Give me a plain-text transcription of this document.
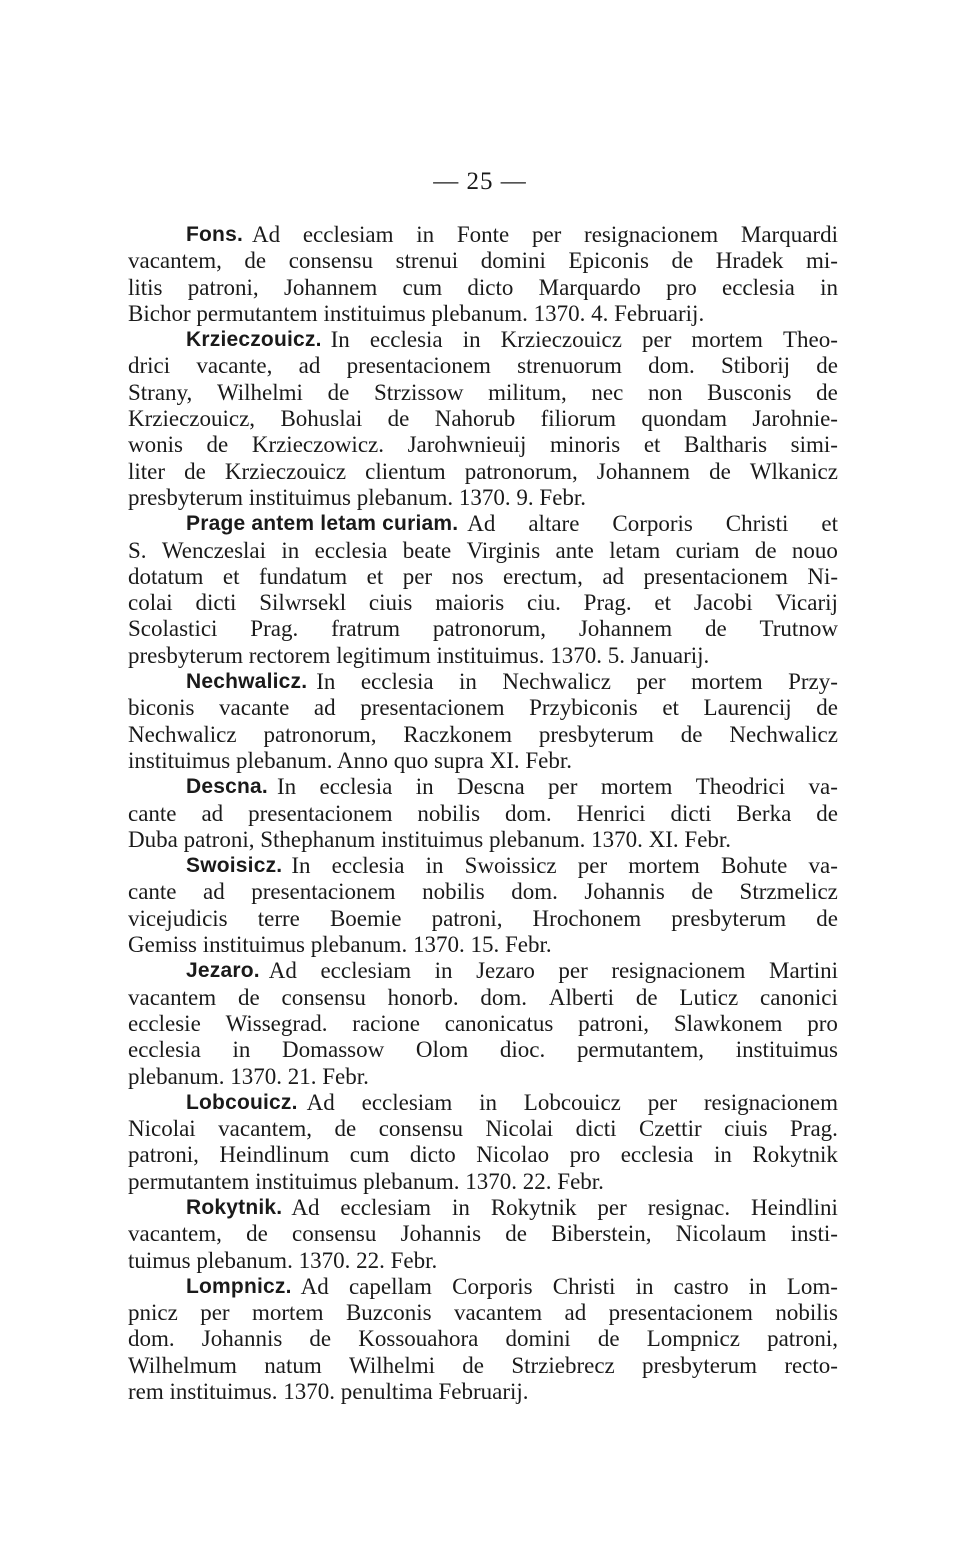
— 25 —
Fons. Ad ecclesiam in Fonte per resignacionem Marquardi
vacantem, de consensu strenui domini Epiconis de Hradek mi-
litis patroni, Johannem cum dicto Marquardo pro ecclesia in
Bichor permutantem instituimus plebanum. 1370. 4. Februarij.
Krzieczouicz. In ecclesia in Krzieczouicz per mortem Theo-
drici vacante, ad presentacionem strenuorum dom. Stiborij de
Strany, Wilhelmi de Strzissow militum, nec non Busconis de
Krzieczouicz, Bohuslai de Nahorub filiorum quondam Jarohnie-
wonis de Krzieczowicz. Jarohwnieuij minoris et Baltharis simi-
liter de Krzieczouicz clientum patronorum, Johannem de Wlkanicz
presbyterum instituimus plebanum. 1370. 9. Febr.
Prage antem letam curiam. Ad altare Corporis Christi et
S. Wenczeslai in ecclesia beate Virginis ante letam curiam de nouo
dotatum et fundatum et per nos erectum, ad presentacionem Ni-
colai dicti Silwrsekl ciuis maioris ciu. Prag. et Jacobi Vicarij
Scolastici Prag. fratrum patronorum, Johannem de Trutnow
presbyterum rectorem legitimum instituimus. 1370. 5. Januarij.
Nechwalicz. In ecclesia in Nechwalicz per mortem Przy-
biconis vacante ad presentacionem Przybiconis et Laurencij de
Nechwalicz patronorum, Raczkonem presbyterum de Nechwalicz
instituimus plebanum. Anno quo supra XI. Febr.
Descna. In ecclesia in Descna per mortem Theodrici va-
cante ad presentacionem nobilis dom. Henrici dicti Berka de
Duba patroni, Sthephanum instituimus plebanum. 1370. XI. Febr.
Swoisicz. In ecclesia in Swoissicz per mortem Bohute va-
cante ad presentacionem nobilis dom. Johannis de Strzmelicz
vicejudicis terre Boemie patroni, Hrochonem presbyterum de
Gemiss instituimus plebanum. 1370. 15. Febr.
Jezaro. Ad ecclesiam in Jezaro per resignacionem Martini
vacantem de consensu honorb. dom. Alberti de Luticz canonici
ecclesie Wissegrad. racione canonicatus patroni, Slawkonem pro
ecclesia in Domassow Olom dioc. permutantem, instituimus
plebanum. 1370. 21. Febr.
Lobcouicz. Ad ecclesiam in Lobcouicz per resignacionem
Nicolai vacantem, de consensu Nicolai dicti Czettir ciuis Prag.
patroni, Heindlinum cum dicto Nicolao pro ecclesia in Rokytnik
permutantem instituimus plebanum. 1370. 22. Febr.
Rokytnik. Ad ecclesiam in Rokytnik per resignac. Heindlini
vacantem, de consensu Johannis de Biberstein, Nicolaum insti-
tuimus plebanum. 1370. 22. Febr.
Lompnicz. Ad capellam Corporis Christi in castro in Lom-
pnicz per mortem Buzconis vacantem ad presentacionem nobilis
dom. Johannis de Kossouahora domini de Lompnicz patroni,
Wilhelmum natum Wilhelmi de Strziebrecz presbyterum recto-
rem instituimus. 1370. penultima Februarij.
